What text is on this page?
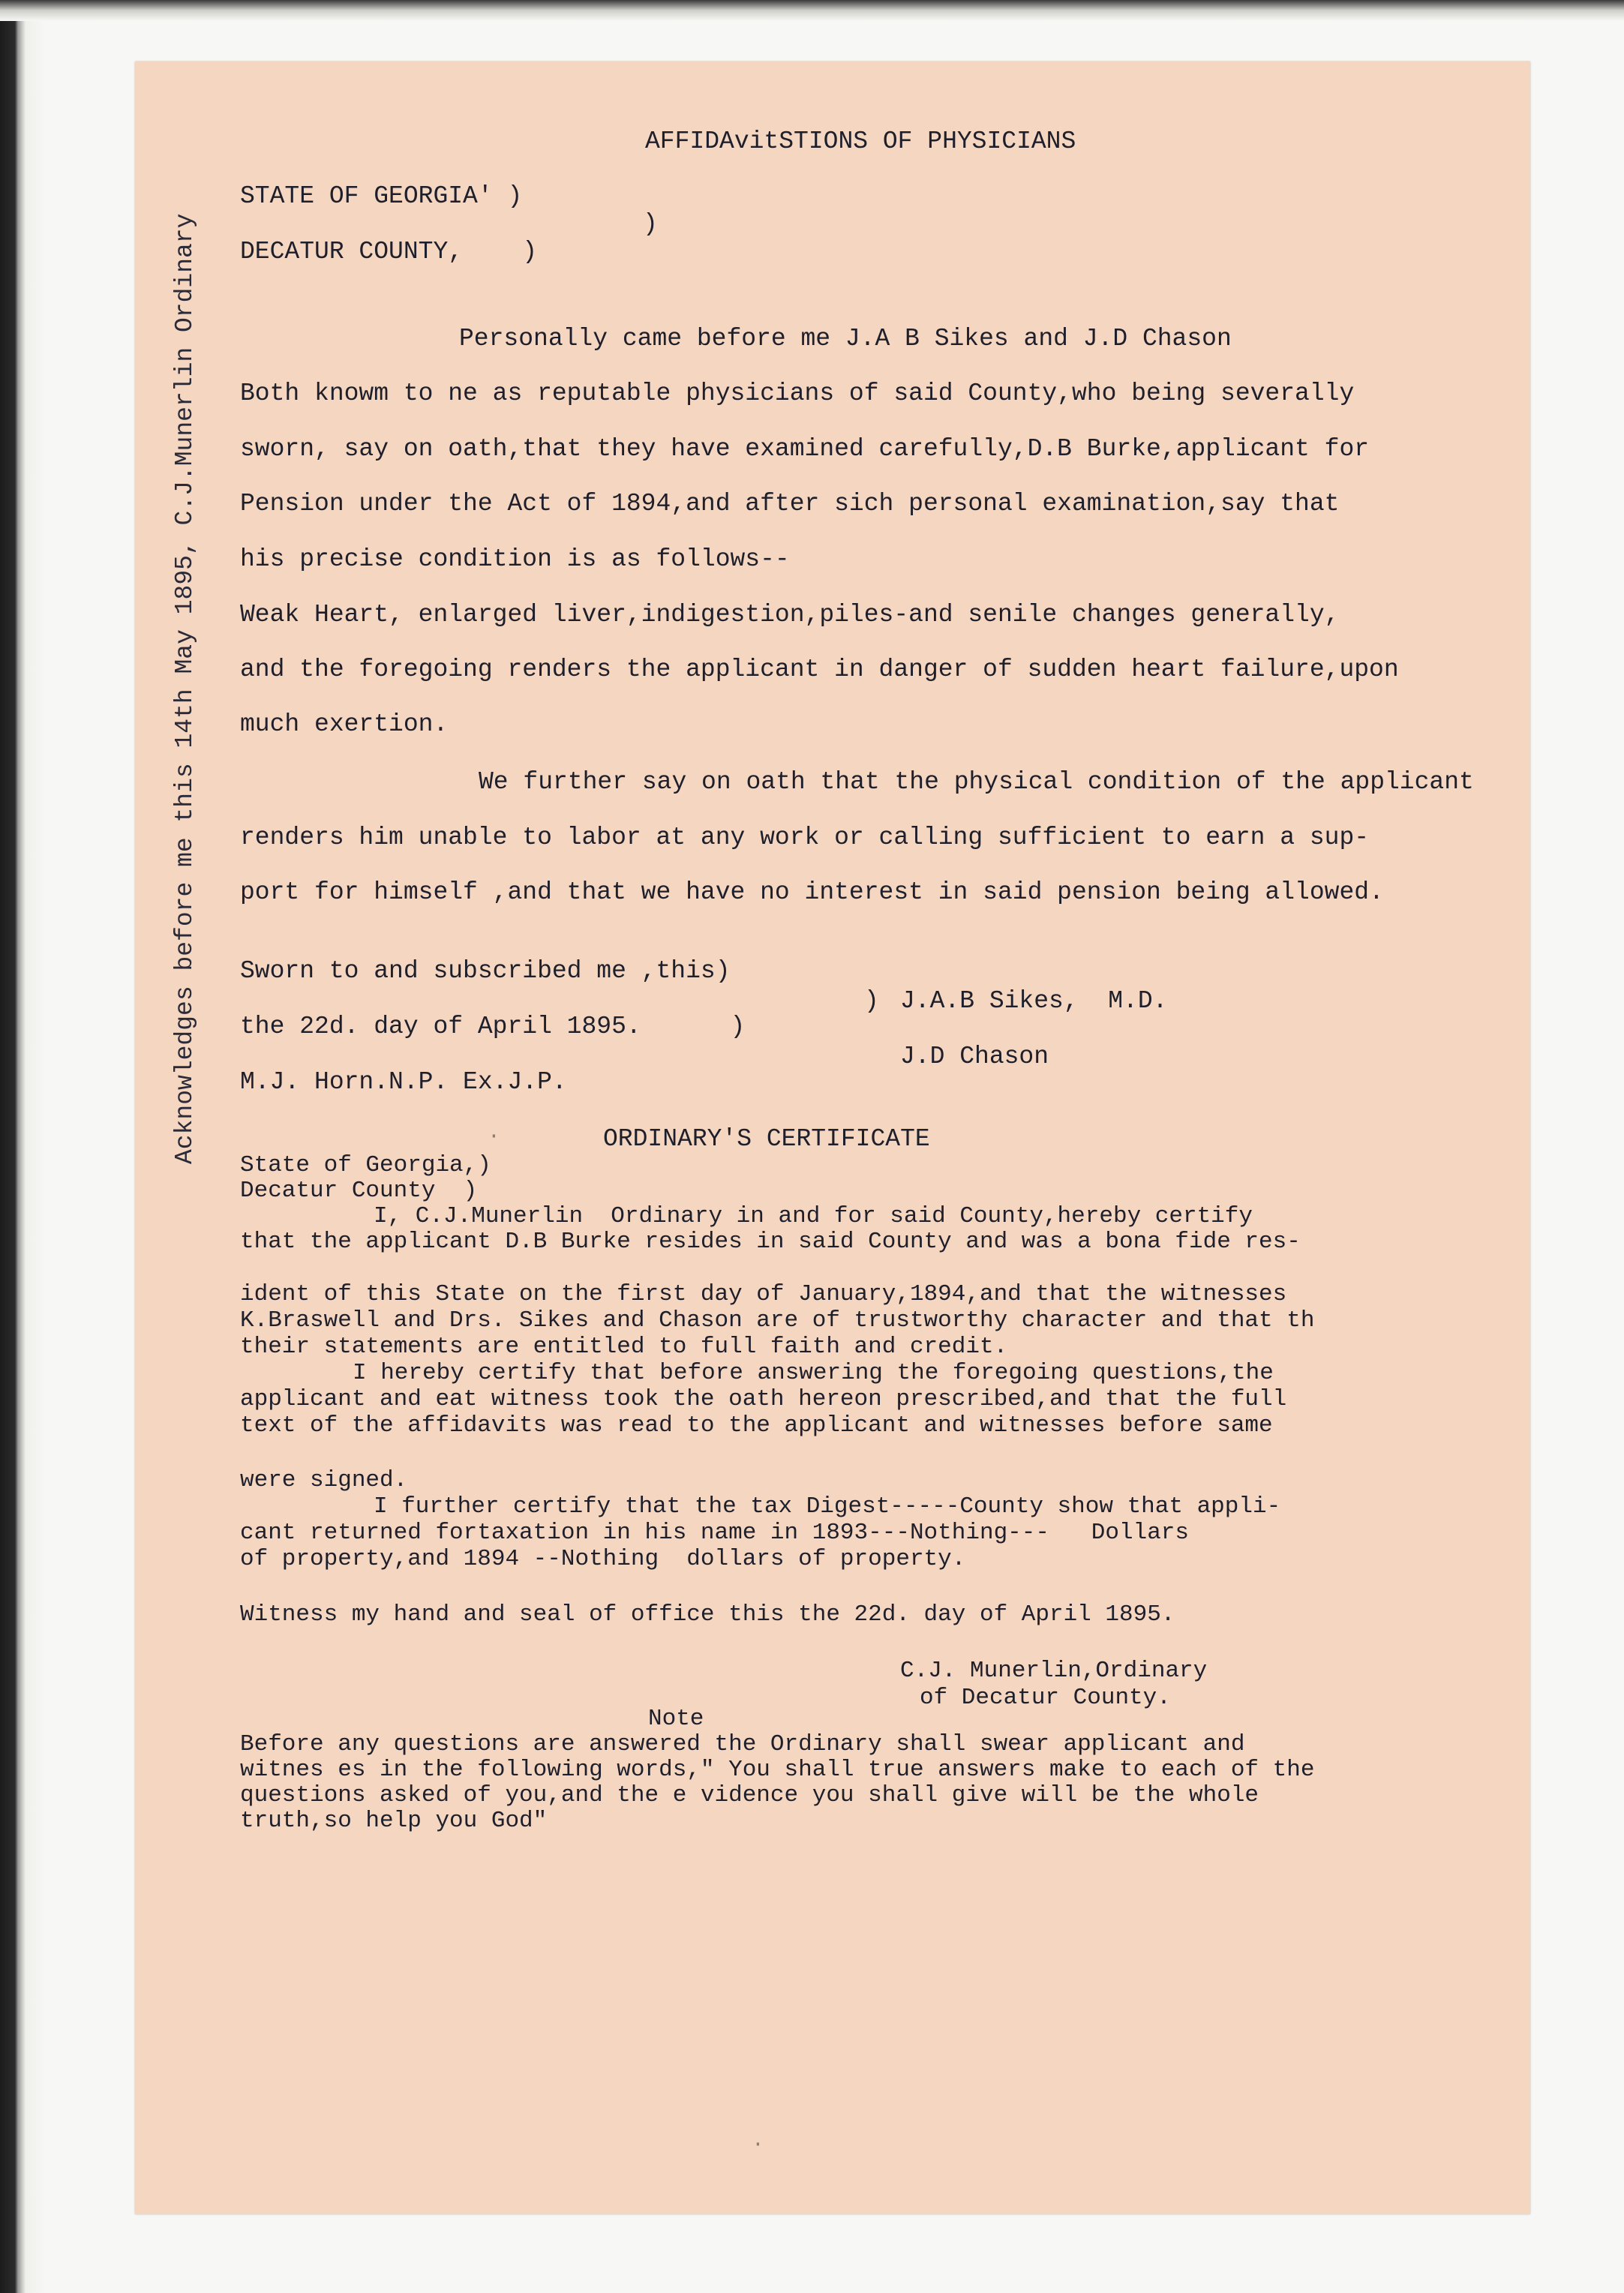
Acknowledges before me this 14th May 1895, C.J.Munerlin Ordinary
AFFIDAvitSTIONS OF PHYSICIANS
STATE OF GEORGIA' )
)
DECATUR COUNTY,    )
Personally came before me J.A B Sikes and J.D Chason
Both knowm to ne as reputable physicians of said County,who being severally
sworn, say on oath,that they have examined carefully,D.B Burke,applicant for
Pension under the Act of 1894,and after sich personal examination,say that
his precise condition is as follows--
Weak Heart, enlarged liver,indigestion,piles-and senile changes generally,
and the foregoing renders the applicant in danger of sudden heart failure,upon
much exertion.
We further say on oath that the physical condition of the applicant
renders him unable to labor at any work or calling sufficient to earn a sup-
port for himself ,and that we have no interest in said pension being allowed.
Sworn to and subscribed me ,this)
)
the 22d. day of April 1895.      )
M.J. Horn.N.P. Ex.J.P.
J.A.B Sikes,  M.D.
J.D Chason
ORDINARY'S CERTIFICATE
·
State of Georgia,)
Decatur County  )
I, C.J.Munerlin  Ordinary in and for said County,hereby certify
that the applicant D.B Burke resides in said County and was a bona fide res-
ident of this State on the first day of January,1894,and that the witnesses
K.Braswell and Drs. Sikes and Chason are of trustworthy character and that th
their statements are entitled to full faith and credit.
I hereby certify that before answering the foregoing questions,the
applicant and eat witness took the oath hereon prescribed,and that the full
text of the affidavits was read to the applicant and witnesses before same
were signed.
I further certify that the tax Digest-----County show that appli-
cant returned fortaxation in his name in 1893---Nothing---   Dollars
of property,and 1894 --Nothing  dollars of property.
Witness my hand and seal of office this the 22d. day of April 1895.
C.J. Munerlin,Ordinary
of Decatur County.
Note
Before any questions are answered the Ordinary shall swear applicant and
witnes es in the following words," You shall true answers make to each of the
questions asked of you,and the e vidence you shall give will be the whole
truth,so help you God"
·
